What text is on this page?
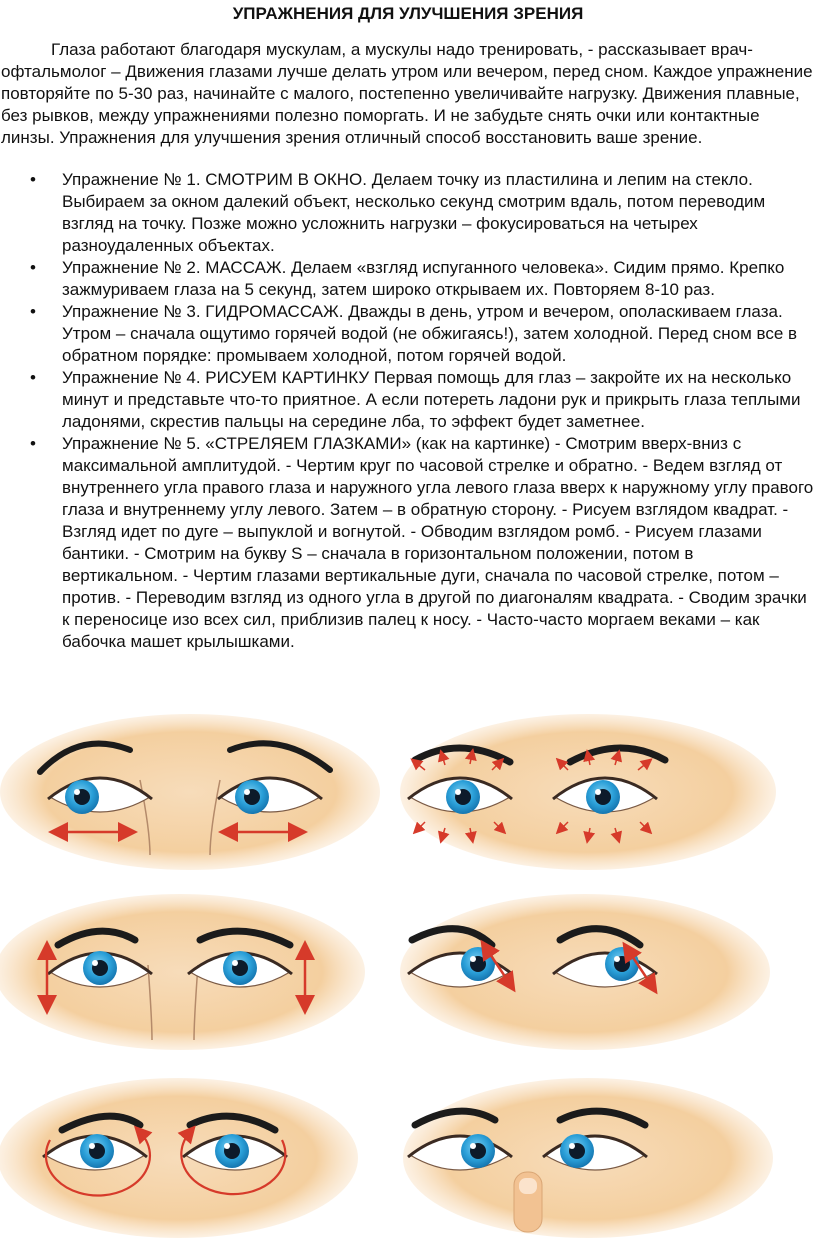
УПРАЖНЕНИЯ ДЛЯ УЛУЧШЕНИЯ ЗРЕНИЯ

Глаза работают благодаря мускулам, а мускулы надо тренировать, - рассказывает врач-офтальмолог – Движения глазами лучше делать утром или вечером, перед сном. Каждое упражнение повторяйте по 5-30 раз, начинайте с малого, постепенно увеличивайте нагрузку. Движения плавные, без рывков, между упражнениями полезно поморгать. И не забудьте снять очки или контактные линзы. Упражнения для улучшения зрения отличный способ восстановить ваше зрение.

• Упражнение № 1. СМОТРИМ В ОКНО. Делаем точку из пластилина и лепим на стекло. Выбираем за окном далекий объект, несколько секунд смотрим вдаль, потом переводим взгляд на точку. Позже можно усложнить нагрузки – фокусироваться на четырех разноудаленных объектах.
• Упражнение № 2. МАССАЖ. Делаем «взгляд испуганного человека». Сидим прямо. Крепко зажмуриваем глаза на 5 секунд, затем широко открываем их. Повторяем 8-10 раз.
• Упражнение № 3. ГИДРОМАССАЖ. Дважды в день, утром и вечером, ополаскиваем глаза. Утром – сначала ощутимо горячей водой (не обжигаясь!), затем холодной. Перед сном все в обратном порядке: промываем холодной, потом горячей водой.
• Упражнение № 4. РИСУЕМ КАРТИНКУ Первая помощь для глаз – закройте их на несколько минут и представьте что-то приятное. А если потереть ладони рук и прикрыть глаза теплыми ладонями, скрестив пальцы на середине лба, то эффект будет заметнее.
• Упражнение № 5. «СТРЕЛЯЕМ ГЛАЗКАМИ» (как на картинке) - Смотрим вверх-вниз с максимальной амплитудой. - Чертим круг по часовой стрелке и обратно. - Ведем взгляд от внутреннего угла правого глаза и наружного угла левого глаза вверх к наружному углу правого глаза и внутреннему углу левого. Затем – в обратную сторону. - Рисуем взглядом квадрат. - Взгляд идет по дуге – выпуклой и вогнутой. - Обводим взглядом ромб. - Рисуем глазами бантики. - Смотрим на букву S – сначала в горизонтальном положении, потом в вертикальном. - Чертим глазами вертикальные дуги, сначала по часовой стрелке, потом – против. - Переводим взгляд из одного угла в другой по диагоналям квадрата. - Сводим зрачки к переносице изо всех сил, приблизив палец к носу. - Часто-часто моргаем веками – как бабочка машет крылышками.
